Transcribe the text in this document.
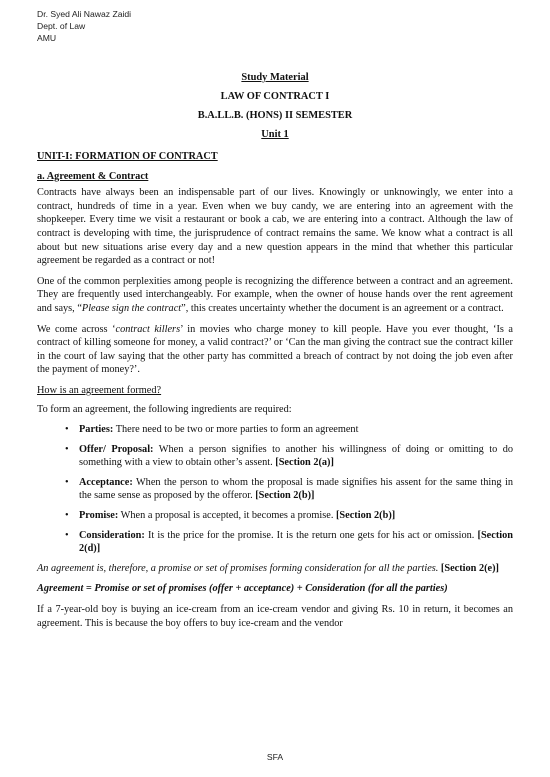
Dr. Syed Ali Nawaz Zaidi
Dept. of Law
AMU
Study Material
LAW OF CONTRACT I
B.A.LL.B. (HONS) II SEMESTER
Unit 1
UNIT-I: FORMATION OF CONTRACT
a. Agreement & Contract

Contracts have always been an indispensable part of our lives. Knowingly or unknowingly, we enter into a contract, hundreds of time in a year. Even when we buy candy, we are entering into an agreement with the shopkeeper. Every time we visit a restaurant or book a cab, we are entering into a contract. Although the law of contract is developing with time, the jurisprudence of contract remains the same. We know what a contract is all about but new situations arise every day and a new question appears in the mind that whether this particular agreement be regarded as a contract or not!

One of the common perplexities among people is recognizing the difference between a contract and an agreement. They are frequently used interchangeably. For example, when the owner of house hands over the rent agreement and says, “Please sign the contract”, this creates uncertainty whether the document is an agreement or a contract.

We come across ‘contract killers’ in movies who charge money to kill people. Have you ever thought, ‘Is a contract of killing someone for money, a valid contract?’ or ‘Can the man giving the contract sue the contract killer in the court of law saying that the other party has committed a breach of contract by not doing the job even after the payment of money?’.

How is an agreement formed?

To form an agreement, the following ingredients are required:

• Parties: There need to be two or more parties to form an agreement
• Offer/ Proposal: When a person signifies to another his willingness of doing or omitting to do something with a view to obtain other’s assent. [Section 2(a)]
• Acceptance: When the person to whom the proposal is made signifies his assent for the same thing in the same sense as proposed by the offeror. [Section 2(b)]
• Promise: When a proposal is accepted, it becomes a promise. [Section 2(b)]
• Consideration: It is the price for the promise. It is the return one gets for his act or omission. [Section 2(d)]

An agreement is, therefore, a promise or set of promises forming consideration for all the parties. [Section 2(e)]

Agreement = Promise or set of promises (offer + acceptance) + Consideration (for all the parties)

If a 7-year-old boy is buying an ice-cream from an ice-cream vendor and giving Rs. 10 in return, it becomes an agreement. This is because the boy offers to buy ice-cream and the vendor

SFA
